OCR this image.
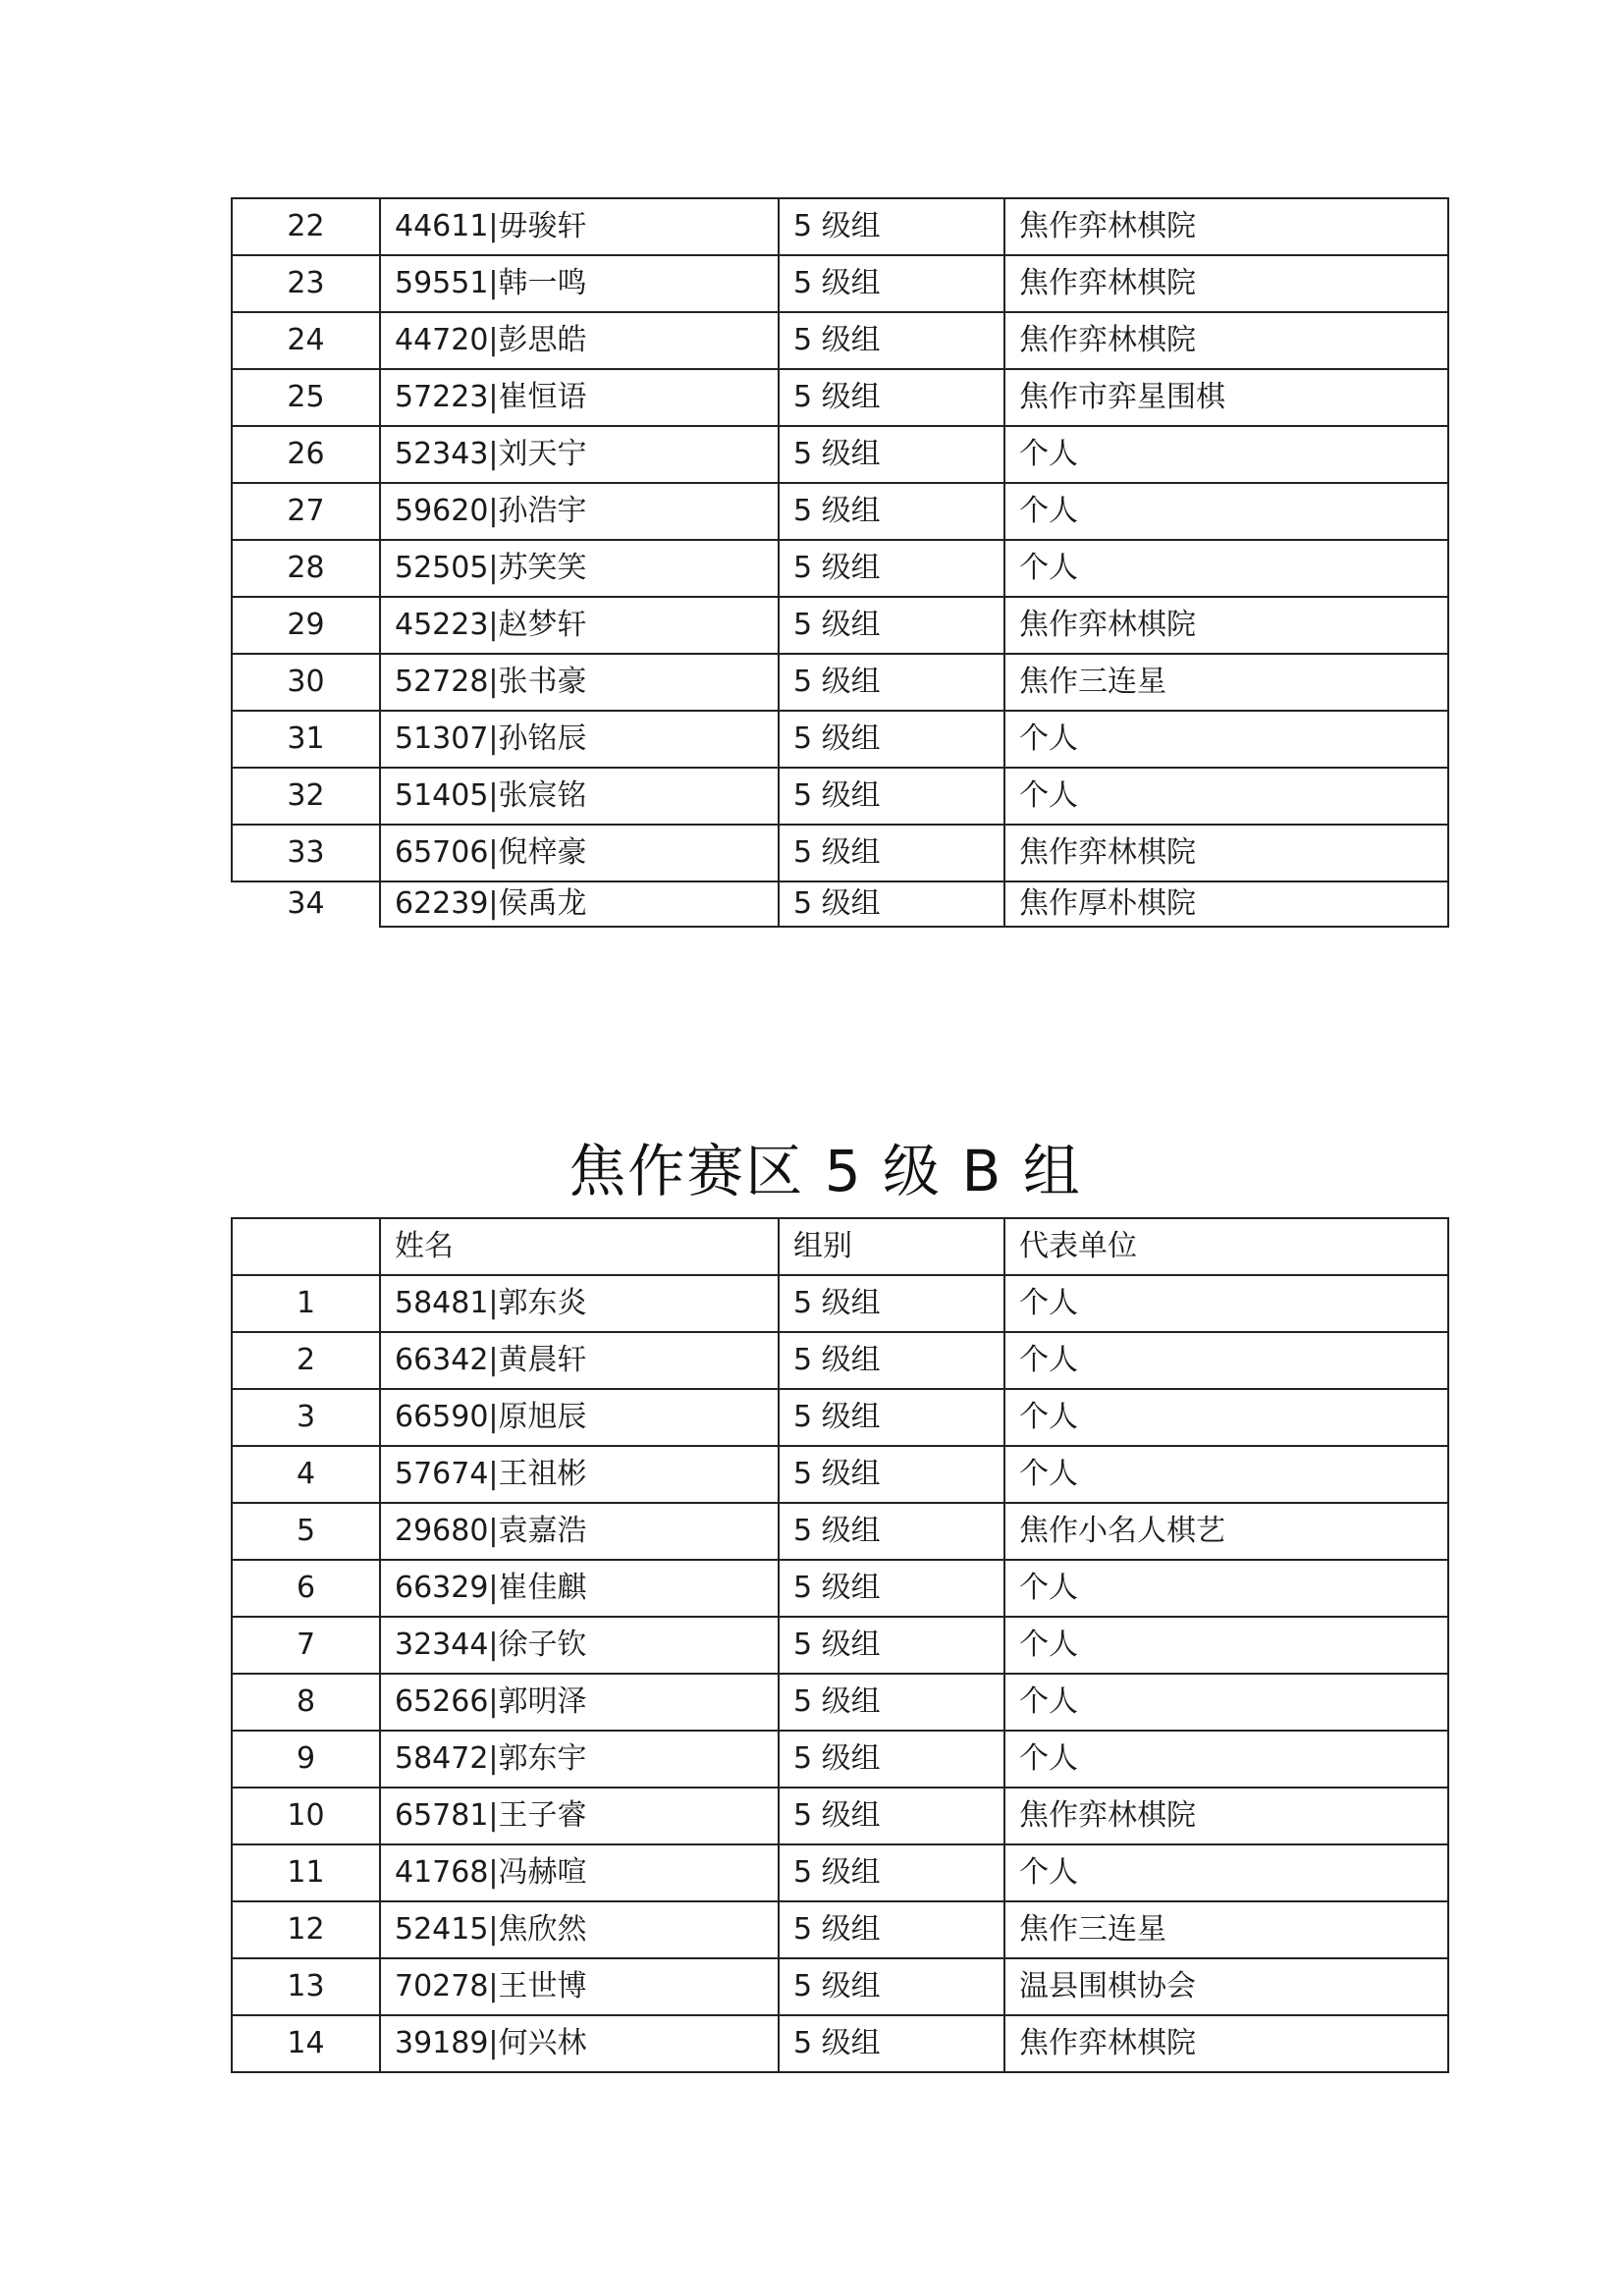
22	44611|毋骏轩	5 级组	焦作弈林棋院
23	59551|韩一鸣	5 级组	焦作弈林棋院
24	44720|彭思皓	5 级组	焦作弈林棋院
25	57223|崔恒语	5 级组	焦作市弈星围棋
26	52343|刘天宁	5 级组	个人
27	59620|孙浩宇	5 级组	个人
28	52505|苏笑笑	5 级组	个人
29	45223|赵梦轩	5 级组	焦作弈林棋院
30	52728|张书豪	5 级组	焦作三连星
31	51307|孙铭辰	5 级组	个人
32	51405|张宸铭	5 级组	个人
33	65706|倪梓豪	5 级组	焦作弈林棋院
34	62239|侯禹龙	5 级组	焦作厚朴棋院
焦作赛区 5 级 B 组
	姓名	组别	代表单位
1	58481|郭东炎	5 级组	个人
2	66342|黄晨轩	5 级组	个人
3	66590|原旭辰	5 级组	个人
4	57674|王祖彬	5 级组	个人
5	29680|袁嘉浩	5 级组	焦作小名人棋艺
6	66329|崔佳麒	5 级组	个人
7	32344|徐子钦	5 级组	个人
8	65266|郭明泽	5 级组	个人
9	58472|郭东宇	5 级组	个人
10	65781|王子睿	5 级组	焦作弈林棋院
11	41768|冯赫喧	5 级组	个人
12	52415|焦欣然	5 级组	焦作三连星
13	70278|王世博	5 级组	温县围棋协会
14	39189|何兴林	5 级组	焦作弈林棋院
